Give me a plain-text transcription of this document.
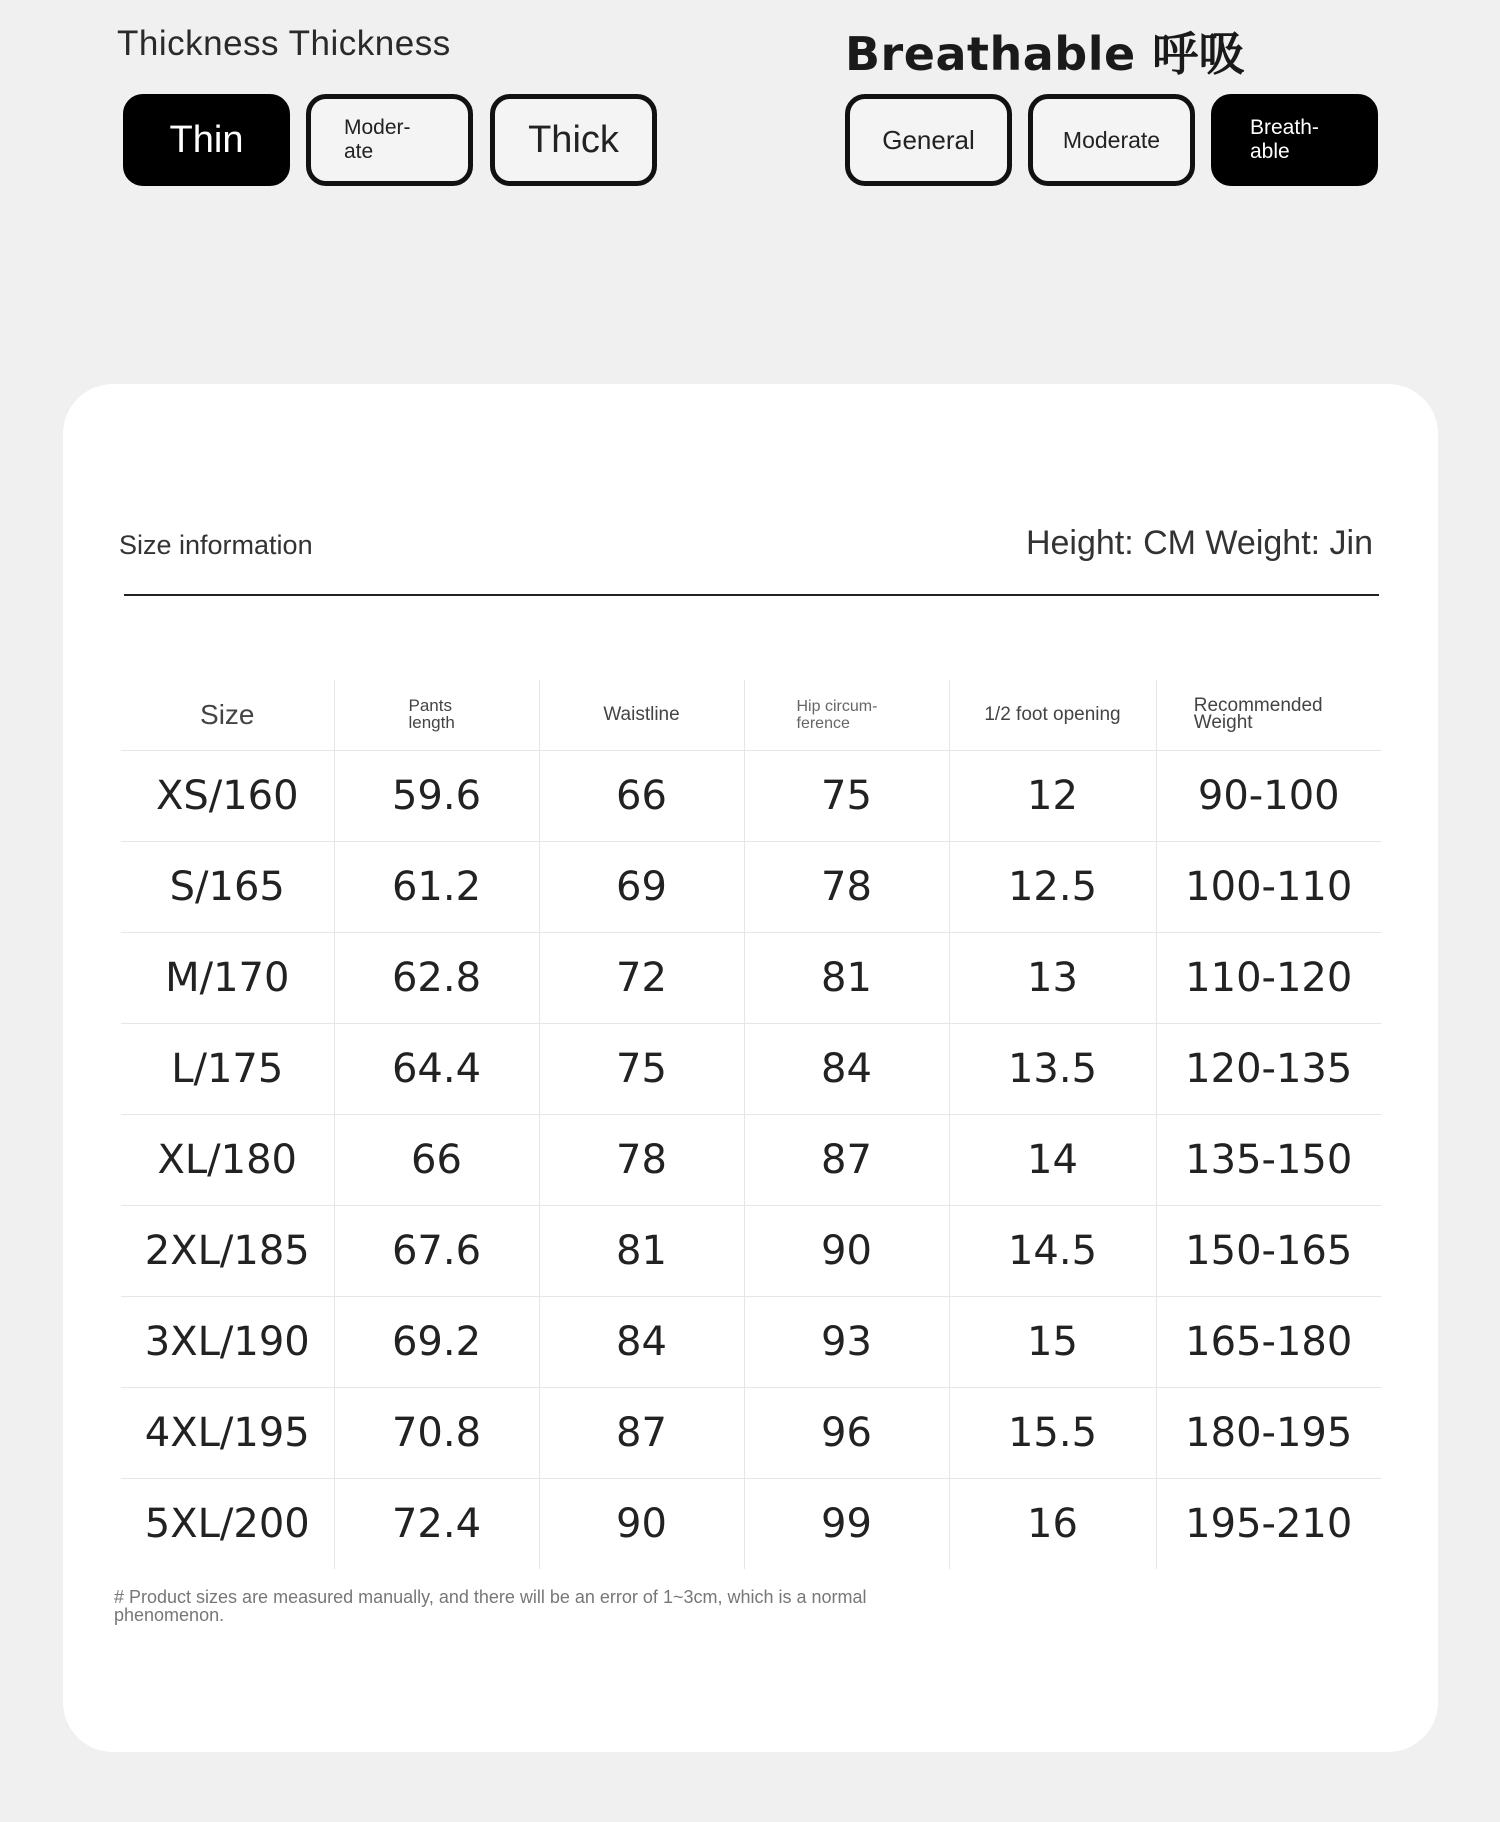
Thickness Thickness
Thin	Moder-ate	Thick
Breathable 呼吸
General	Moderate	Breath-able
Size information	Height: CM Weight: Jin
Size	Pants length	Waistline	Hip circum-ference	1/2 foot opening	Recommended Weight
XS/160	59.6	66	75	12	90-100
S/165	61.2	69	78	12.5	100-110
M/170	62.8	72	81	13	110-120
L/175	64.4	75	84	13.5	120-135
XL/180	66	78	87	14	135-150
2XL/185	67.6	81	90	14.5	150-165
3XL/190	69.2	84	93	15	165-180
4XL/195	70.8	87	96	15.5	180-195
5XL/200	72.4	90	99	16	195-210
# Product sizes are measured manually, and there will be an error of 1~3cm, which is a normal phenomenon.
